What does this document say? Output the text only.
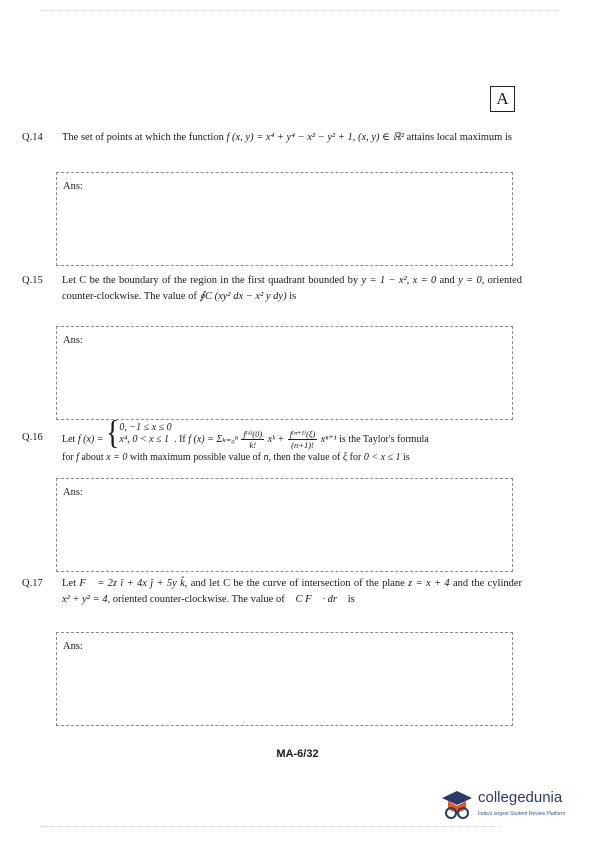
A
Q.14	The set of points at which the function f (x, y) = x⁴ + y⁴ − x² − y² + 1, (x, y) ∈ ℝ² attains local maximum is
Ans:
Q.15	Let C be the boundary of the region in the first quadrant bounded by y = 1 − x², x = 0 and y = 0, oriented counter-clockwise. The value of ∮C (xy² dx − x² y dy) is
Ans:
Q.16	Let f (x) = { 0, −1 ≤ x ≤ 0
x⁴, 0 < x ≤ 1 . If f $(x) = \Sigma_{k=0}^n \frac{\text{f⁽ᵏ⁾(0)}}{k!}$ xᵏ + $\frac{\text{f⁽ⁿ⁺¹⁾(ξ)}}{(n+1)!} x^{n+1}$ is the Taylor's formula
for f about x = 0 with maximum possible value of n, then the value of ξ for 0 < x ≤ 1 is
Ans:
Q.17	Let F⃗ = 2z î + 4x ĵ + 5y k̂, and let C be the curve of intersection of the plane z = x + 4 and the cylinder x² + y² = 4, oriented counter-clockwise. The value of ∮C F⃗ · dr⃗ is
Ans:
MA-6/32
collegedunia
India's largest Student Review Platform
